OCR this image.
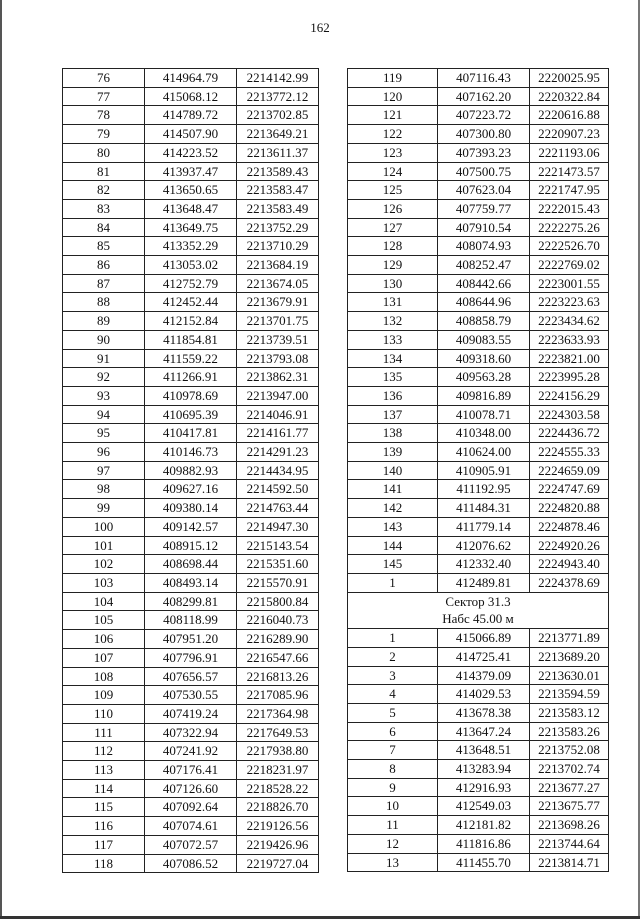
162
76	414964.79	2214142.99
77	415068.12	2213772.12
78	414789.72	2213702.85
79	414507.90	2213649.21
80	414223.52	2213611.37
81	413937.47	2213589.43
82	413650.65	2213583.47
83	413648.47	2213583.49
84	413649.75	2213752.29
85	413352.29	2213710.29
86	413053.02	2213684.19
87	412752.79	2213674.05
88	412452.44	2213679.91
89	412152.84	2213701.75
90	411854.81	2213739.51
91	411559.22	2213793.08
92	411266.91	2213862.31
93	410978.69	2213947.00
94	410695.39	2214046.91
95	410417.81	2214161.77
96	410146.73	2214291.23
97	409882.93	2214434.95
98	409627.16	2214592.50
99	409380.14	2214763.44
100	409142.57	2214947.30
101	408915.12	2215143.54
102	408698.44	2215351.60
103	408493.14	2215570.91
104	408299.81	2215800.84
105	408118.99	2216040.73
106	407951.20	2216289.90
107	407796.91	2216547.66
108	407656.57	2216813.26
109	407530.55	2217085.96
110	407419.24	2217364.98
111	407322.94	2217649.53
112	407241.92	2217938.80
113	407176.41	2218231.97
114	407126.60	2218528.22
115	407092.64	2218826.70
116	407074.61	2219126.56
117	407072.57	2219426.96
118	407086.52	2219727.04
119	407116.43	2220025.95
120	407162.20	2220322.84
121	407223.72	2220616.88
122	407300.80	2220907.23
123	407393.23	2221193.06
124	407500.75	2221473.57
125	407623.04	2221747.95
126	407759.77	2222015.43
127	407910.54	2222275.26
128	408074.93	2222526.70
129	408252.47	2222769.02
130	408442.66	2223001.55
131	408644.96	2223223.63
132	408858.79	2223434.62
133	409083.55	2223633.93
134	409318.60	2223821.00
135	409563.28	2223995.28
136	409816.89	2224156.29
137	410078.71	2224303.58
138	410348.00	2224436.72
139	410624.00	2224555.33
140	410905.91	2224659.09
141	411192.95	2224747.69
142	411484.31	2224820.88
143	411779.14	2224878.46
144	412076.62	2224920.26
145	412332.40	2224943.40
1	412489.81	2224378.69

Сектор 31.3
Набс 45.00 м		

1	415066.89	2213771.89
2	414725.41	2213689.20
3	414379.09	2213630.01
4	414029.53	2213594.59
5	413678.38	2213583.12
6	413647.24	2213583.26
7	413648.51	2213752.08
8	413283.94	2213702.74
9	412916.93	2213677.27
10	412549.03	2213675.77
11	412181.82	2213698.26
12	411816.86	2213744.64
13	411455.70	2213814.71
